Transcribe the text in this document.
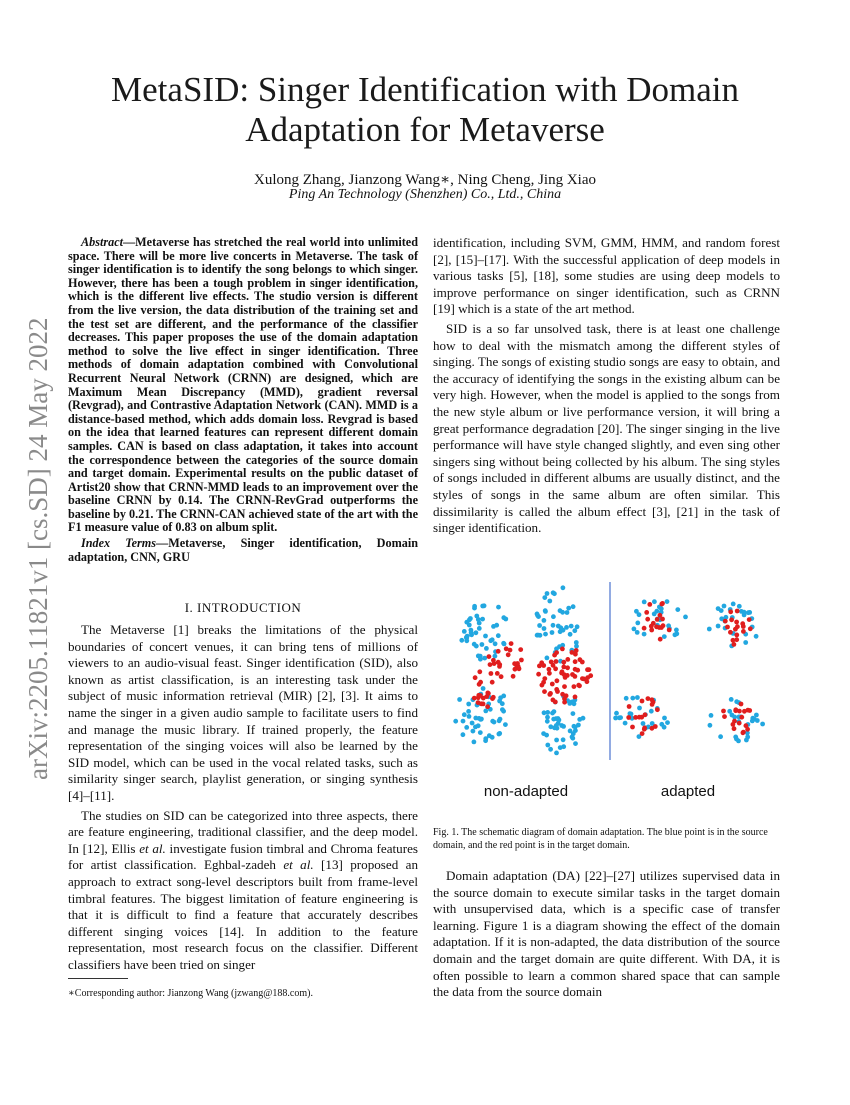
arXiv:2205.11821v1 [cs.SD] 24 May 2022
MetaSID: Singer Identification with Domain
Adaptation for Metaverse
Xulong Zhang, Jianzong Wang∗, Ning Cheng, Jing Xiao
Ping An Technology (Shenzhen) Co., Ltd., China

Abstract—Metaverse has stretched the real world into unlimited space. There will be more live concerts in Metaverse. The task of singer identification is to identify the song belongs to which singer. However, there has been a tough problem in singer identification, which is the different live effects. The studio version is different from the live version, the data distribution of the training set and the test set are different, and the performance of the classifier decreases. This paper proposes the use of the domain adaptation method to solve the live effect in singer identification. Three methods of domain adaptation combined with Convolutional Recurrent Neural Network (CRNN) are designed, which are Maximum Mean Discrepancy (MMD), gradient reversal (Revgrad), and Contrastive Adaptation Network (CAN). MMD is a distance-based method, which adds domain loss. Revgrad is based on the idea that learned features can represent different domain samples. CAN is based on class adaptation, it takes into account the correspondence between the categories of the source domain and target domain. Experimental results on the public dataset of Artist20 show that CRNN-MMD leads to an improvement over the baseline CRNN by 0.14. The CRNN-RevGrad outperforms the baseline by 0.21. The CRNN-CAN achieved state of the art with the F1 measure value of 0.83 on album split.

Index Terms—Metaverse, Singer identification, Domain adaptation, CNN, GRU

I. INTRODUCTION

The Metaverse [1] breaks the limitations of the physical boundaries of concert venues, it can bring tens of millions of viewers to an audio-visual feast. Singer identification (SID), also known as artist classification, is an interesting task under the subject of music information retrieval (MIR) [2], [3]. It aims to name the singer in a given audio sample to facilitate users to find and manage the music library. If trained properly, the feature representation of the singing voices will also be learned by the SID model, which can be used in the vocal related tasks, such as similarity singer search, playlist generation, or singing synthesis [4]–[11].

The studies on SID can be categorized into three aspects, there are feature engineering, traditional classifier, and the deep model. In [12], Ellis et al. investigate fusion timbral and Chroma features for artist classification. Eghbal-zadeh et al. [13] proposed an approach to extract song-level descriptors built from frame-level timbral features. The biggest limitation of feature engineering is that it is difficult to find a feature that accurately describes different singing voices [14]. In addition to the feature representation, most research focus on the classifier. Different classifiers have been tried on singer

∗Corresponding author: Jianzong Wang (jzwang@188.com).

identification, including SVM, GMM, HMM, and random forest [2], [15]–[17]. With the successful application of deep models in various tasks [5], [18], some studies are using deep models to improve performance on singer identification, such as CRNN [19] which is a state of the art method.

SID is a so far unsolved task, there is at least one challenge how to deal with the mismatch among the different styles of singing. The songs of existing studio songs are easy to obtain, and the accuracy of identifying the songs in the existing album can be very high. However, when the model is applied to the songs from the new style album or live performance version, it will bring a great performance degradation [20]. The singer singing in the live performance will have style changed slightly, and even sing other singers sing without being collected by his album. The sing styles of songs included in different albums are usually distinct, and the styles of songs in the same album are often similar. This dissimilarity is called the album effect [3], [21] in the task of singer identification.

non-adapted	adapted
Fig. 1. The schematic diagram of domain adaptation. The blue point is in the source domain, and the red point is in the target domain.

Domain adaptation (DA) [22]–[27] utilizes supervised data in the source domain to execute similar tasks in the target domain with unsupervised data, which is a specific case of transfer learning. Figure 1 is a diagram showing the effect of the domain adaptation. If it is non-adapted, the data distribution of the source domain and the target domain are quite different. With DA, it is often possible to learn a common shared space that can sample the data from the source domain
